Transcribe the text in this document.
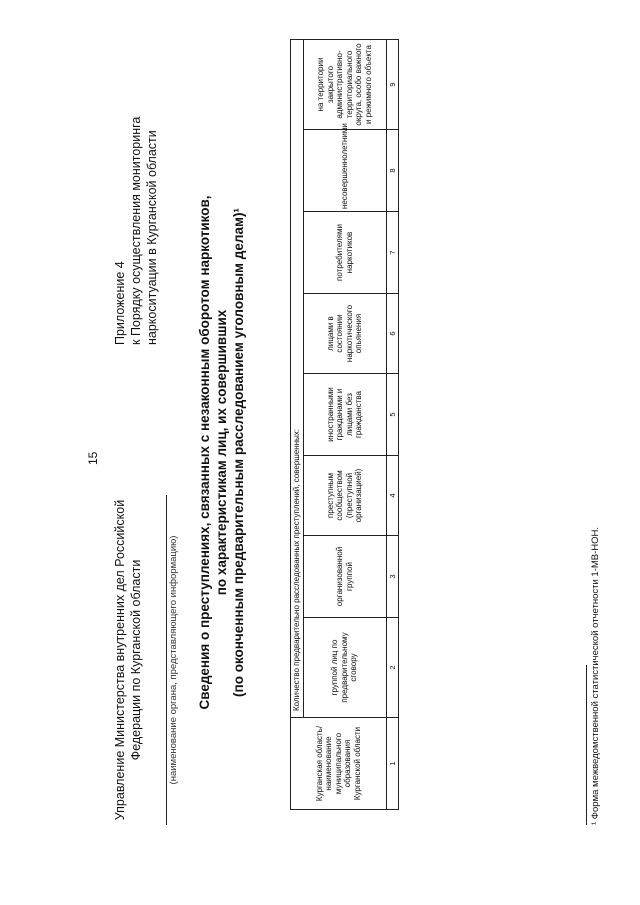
15
Приложение 4 к Порядку осуществления мониторинга наркоситуации в Курганской области
Управление Министерства внутренних дел Российской Федерации по Курганской области	(наименование органа, представляющего информацию) Сведения о преступлениях, связанных с незаконным оборотом наркотиков, по характеристикам лиц, их совершивших (по оконченным предварительным расследованием уголовным делам)¹
Курганская область/ наименование муниципального образования Курганской области	Количество предварительно расследованных преступлений, совершенных:							
	группой лиц по предварительному сговору	организованной группой	преступным сообществом (преступной организацией)	иностранными гражданами и лицами без гражданства	лицами в состоянии наркотического опьянения	потребителями наркотиков	несовершеннолетними	на территории закрытого административно-территориального округа, особо важного и режимного объекта
1	2	3	4	5	6	7	8	9
¹ Форма межведомственной статистической отчетности 1-МВ-НОН.
